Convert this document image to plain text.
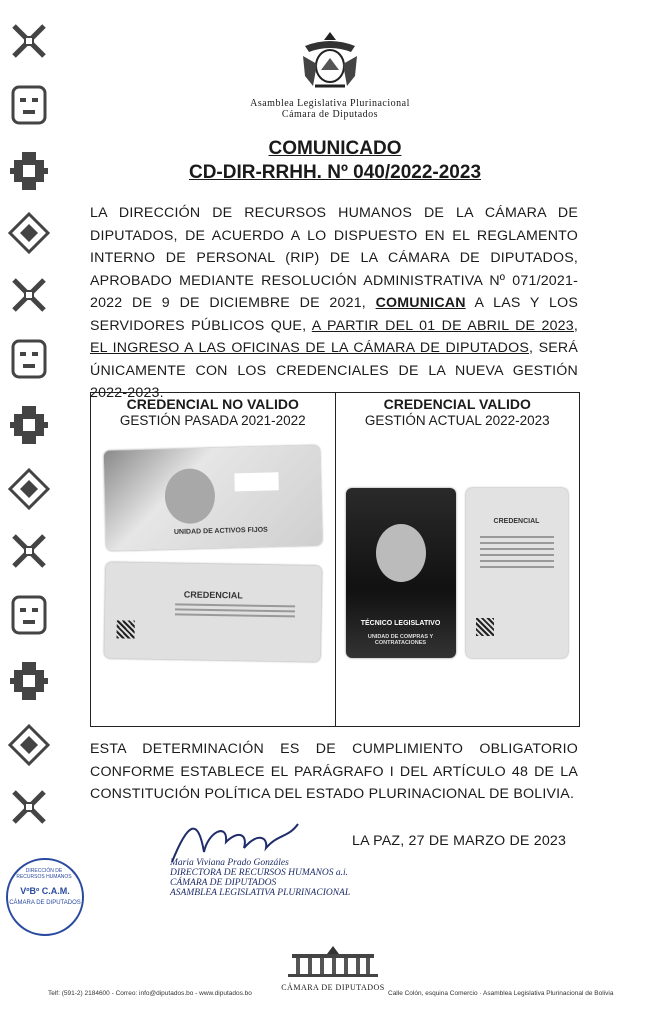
Asamblea Legislativa Plurinacional
Cámara de Diputados
COMUNICADO
CD-DIR-RRHH. Nº 040/2022-2023
LA DIRECCIÓN DE RECURSOS HUMANOS DE LA CÁMARA DE DIPUTADOS, DE ACUERDO A LO DISPUESTO EN EL REGLAMENTO INTERNO DE PERSONAL (RIP) DE LA CÁMARA DE DIPUTADOS, APROBADO MEDIANTE RESOLUCIÓN ADMINISTRATIVA Nº 071/2021-2022 DE 9 DE DICIEMBRE DE 2021, COMUNICAN A LAS Y LOS SERVIDORES PÚBLICOS QUE, A PARTIR DEL 01 DE ABRIL DE 2023, EL INGRESO A LAS OFICINAS DE LA CÁMARA DE DIPUTADOS, SERÁ ÚNICAMENTE CON LOS CREDENCIALES DE LA NUEVA GESTIÓN 2022-2023.
CREDENCIAL NO VALIDO
GESTIÓN PASADA 2021-2022
UNIDAD DE ACTIVOS FIJOS
CREDENCIAL

CREDENCIAL VALIDO
GESTIÓN ACTUAL 2022-2023
TÉCNICO LEGISLATIVO
UNIDAD DE COMPRAS Y CONTRATACIONES
CREDENCIAL
ESTA DETERMINACIÓN ES DE CUMPLIMIENTO OBLIGATORIO CONFORME ESTABLECE EL PARÁGRAFO I DEL ARTÍCULO 48 DE LA CONSTITUCIÓN POLÍTICA DEL ESTADO PLURINACIONAL DE BOLIVIA.
LA PAZ, 27 DE MARZO DE 2023
DIRECCIÓN DE RECURSOS HUMANOS
VºBº C.A.M.
CÁMARA DE DIPUTADOS
Maria Viviana Prado Gonzáles
DIRECTORA DE RECURSOS HUMANOS a.i.
CÁMARA DE DIPUTADOS
ASAMBLEA LEGISLATIVA PLURINACIONAL
CÁMARA DE DIPUTADOS
Telf: (591-2) 2184600 - Correo: info@diputados.bo - www.diputados.bo	Calle Colón, esquina Comercio · Asamblea Legislativa Plurinacional de Bolivia
